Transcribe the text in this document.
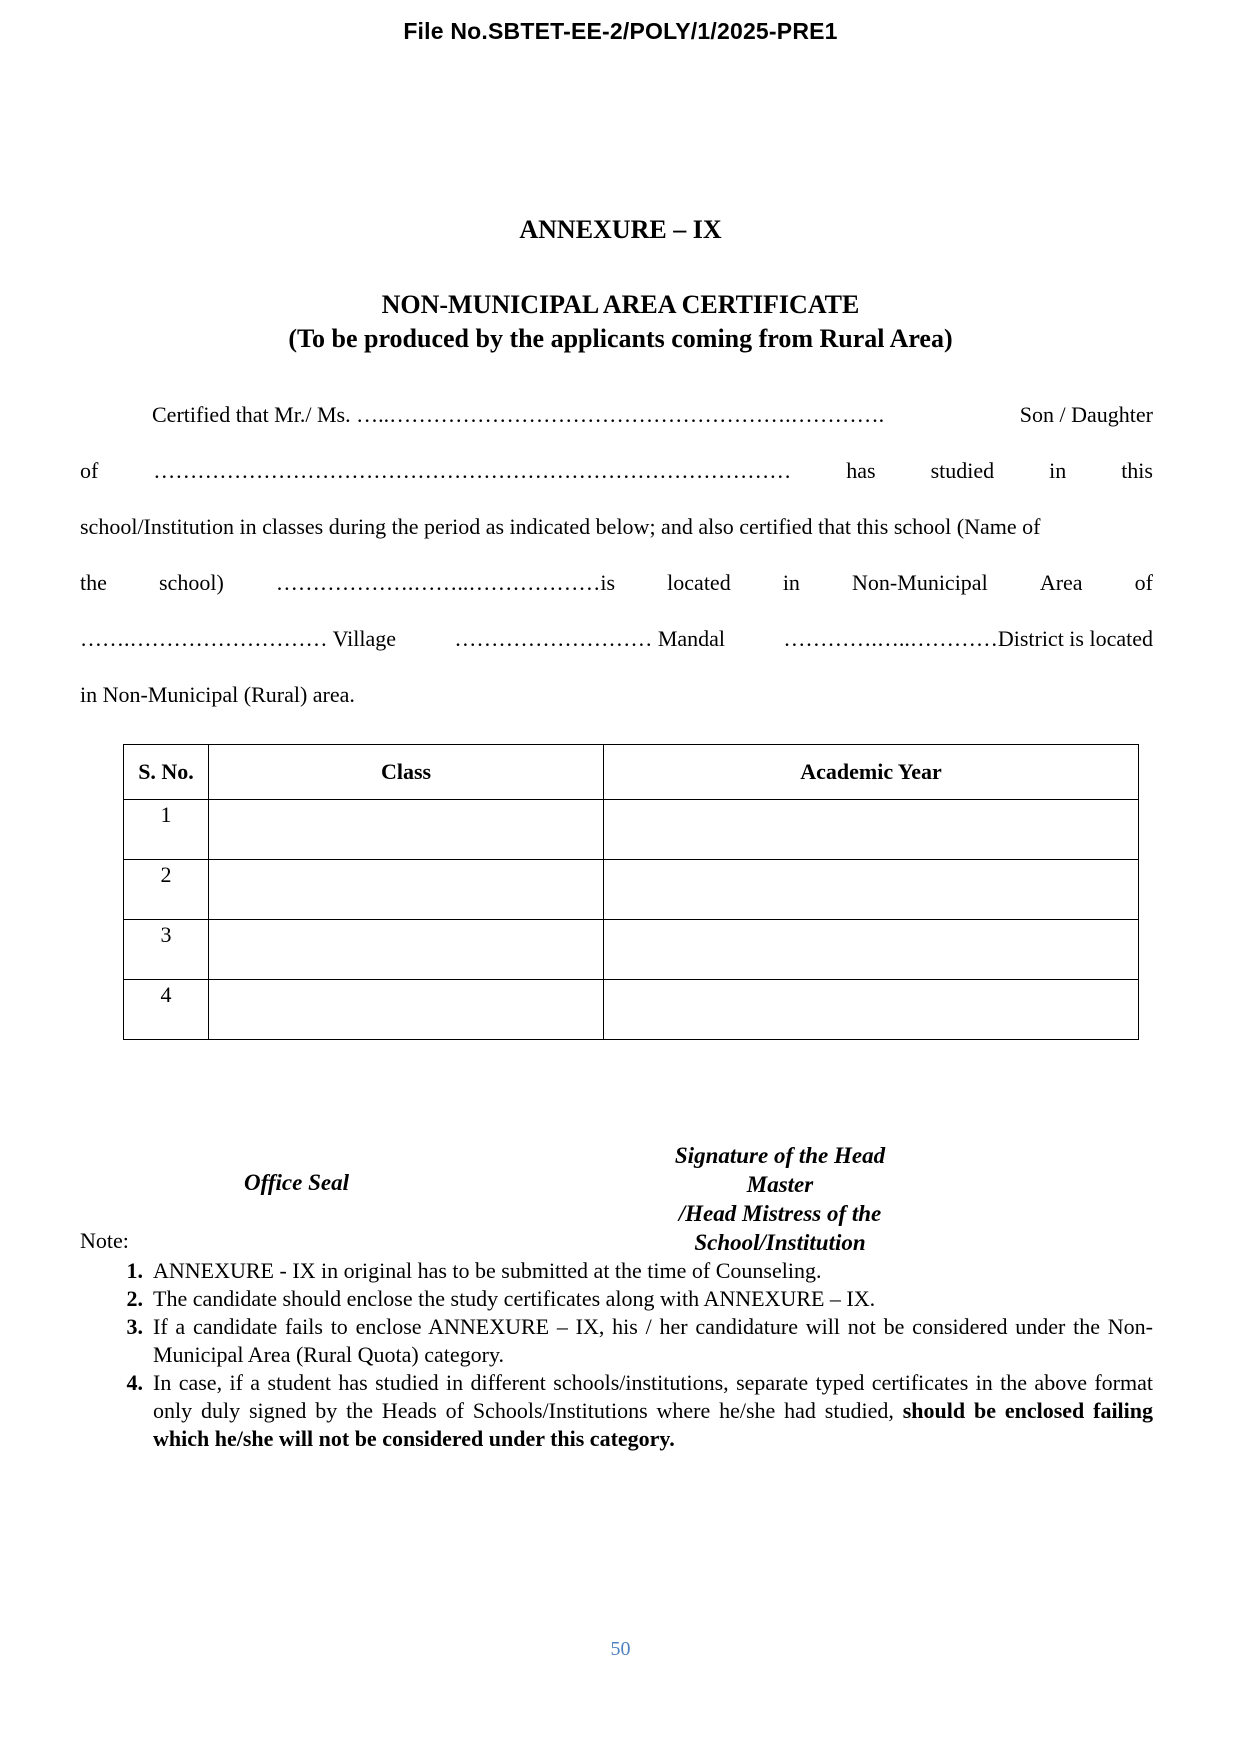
File No.SBTET-EE-2/POLY/1/2025-PRE1
ANNEXURE – IX
NON-MUNICIPAL AREA CERTIFICATE
(To be produced by the applicants coming from Rural Area)
Certified that Mr./ Ms. …..……………………………………………….………….	Son / Daughter
of …………………………………………………………………………… has studied in this
school/Institution in classes during the period as indicated below; and also certified that this school (Name of
the school) ……………….……..………………is located in Non-Municipal Area of
…….……………………… Village	……………………… Mandal	………….…..…………District is located
in Non-Municipal (Rural) area.
S. No.	Class	Academic Year
1		
2		
3		
4		
Office Seal
Signature of the Head Master
/Head Mistress of the
School/Institution
Note:
1. ANNEXURE - IX in original has to be submitted at the time of Counseling.
2. The candidate should enclose the study certificates along with ANNEXURE – IX.
3. If a candidate fails to enclose ANNEXURE – IX, his / her candidature will not be considered under the Non-Municipal Area (Rural Quota) category.
4. In case, if a student has studied in different schools/institutions, separate typed certificates in the above format only duly signed by the Heads of Schools/Institutions where he/she had studied, should be enclosed failing which he/she will not be considered under this category.
50
